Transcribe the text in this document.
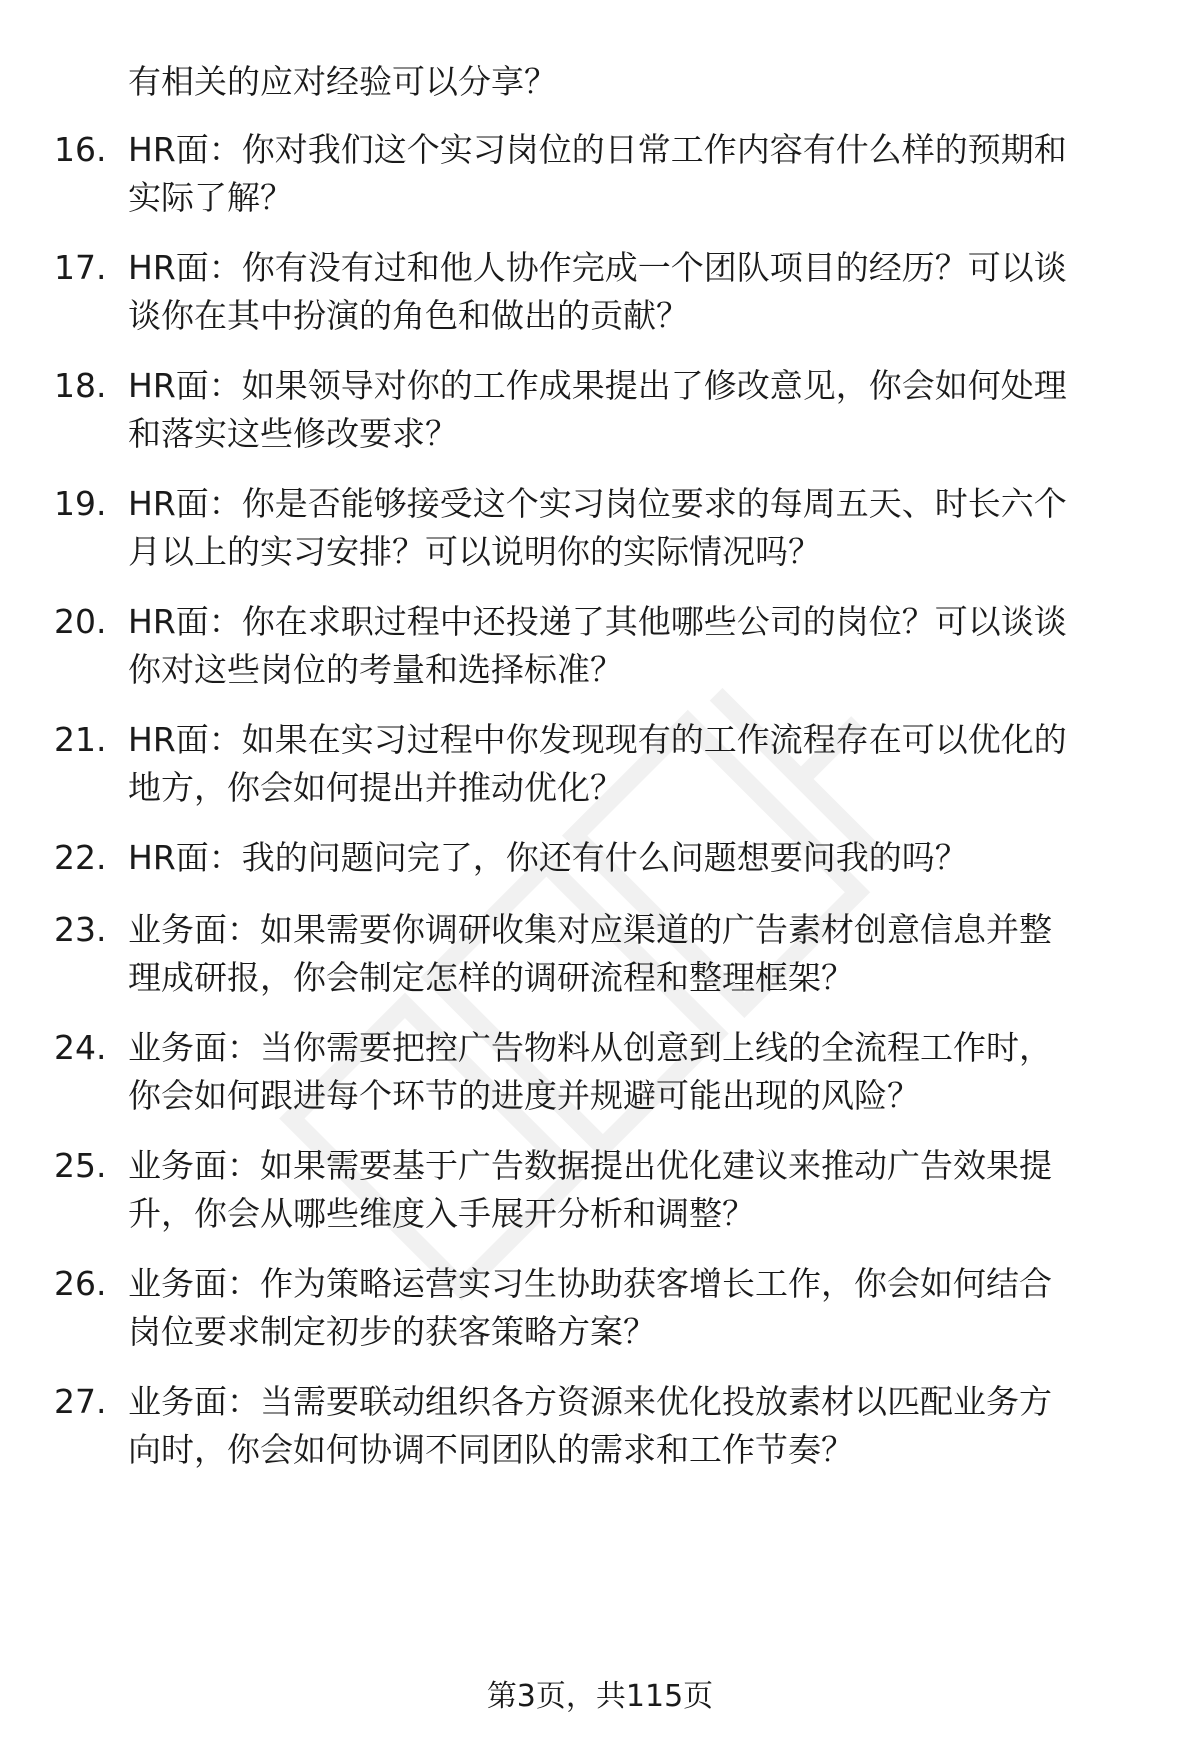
有相关的应对经验可以分享？
16. HR面：你对我们这个实习岗位的日常工作内容有什么样的预期和
实际了解？
17. HR面：你有没有过和他人协作完成一个团队项目的经历？可以谈
谈你在其中扮演的角色和做出的贡献？
18. HR面：如果领导对你的工作成果提出了修改意见，你会如何处理
和落实这些修改要求？
19. HR面：你是否能够接受这个实习岗位要求的每周五天、时长六个
月以上的实习安排？可以说明你的实际情况吗？
20. HR面：你在求职过程中还投递了其他哪些公司的岗位？可以谈谈
你对这些岗位的考量和选择标准？
21. HR面：如果在实习过程中你发现现有的工作流程存在可以优化的
地方，你会如何提出并推动优化？
22. HR面：我的问题问完了，你还有什么问题想要问我的吗？
23. 业务面：如果需要你调研收集对应渠道的广告素材创意信息并整
理成研报，你会制定怎样的调研流程和整理框架？
24. 业务面：当你需要把控广告物料从创意到上线的全流程工作时，
你会如何跟进每个环节的进度并规避可能出现的风险？
25. 业务面：如果需要基于广告数据提出优化建议来推动广告效果提
升，你会从哪些维度入手展开分析和调整？
26. 业务面：作为策略运营实习生协助获客增长工作，你会如何结合
岗位要求制定初步的获客策略方案？
27. 业务面：当需要联动组织各方资源来优化投放素材以匹配业务方
向时，你会如何协调不同团队的需求和工作节奏？
第3页，共115页
